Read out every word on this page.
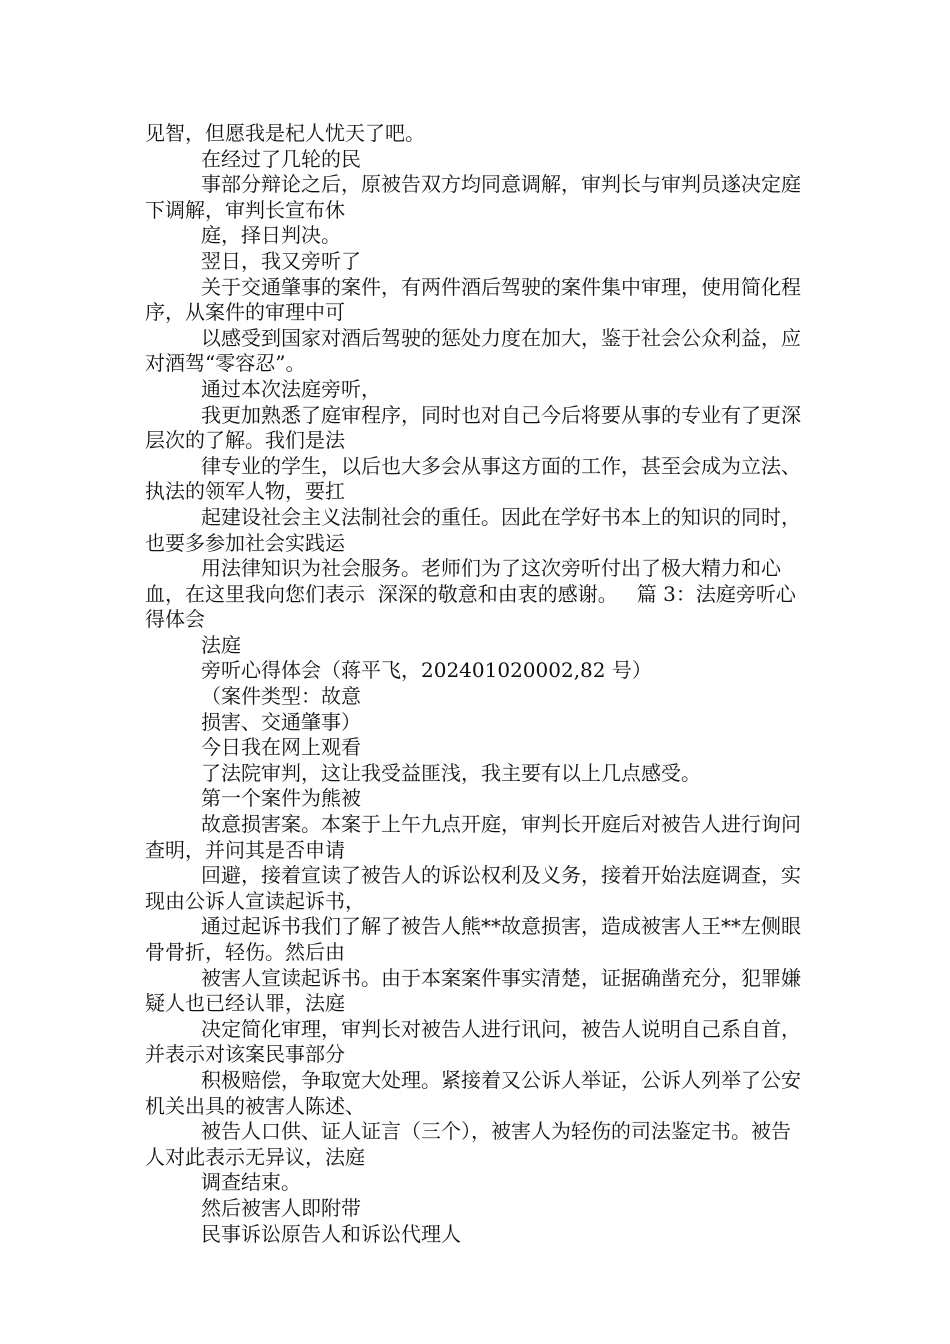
见智，但愿我是杞人忧天了吧。

在经过了几轮的民

事部分辩论之后，原被告双方均同意调解，审判长与审判员遂决定庭下调解，审判长宣布休

庭，择日判决。

翌日，我又旁听了

关于交通肇事的案件，有两件酒后驾驶的案件集中审理，使用简化程序，从案件的审理中可

以感受到国家对酒后驾驶的惩处力度在加大，鉴于社会公众利益，应对酒驾“零容忍”。

通过本次法庭旁听，

我更加熟悉了庭审程序，同时也对自己今后将要从事的专业有了更深层次的了解。我们是法

律专业的学生，以后也大多会从事这方面的工作，甚至会成为立法、执法的领军人物，要扛

起建设社会主义法制社会的重任。因此在学好书本上的知识的同时，也要多参加社会实践运

用法律知识为社会服务。老师们为了这次旁听付出了极大精力和心血，在这里我向您们表示  深深的敬意和由衷的感谢。   篇 3：法庭旁听心得体会

法庭

旁听心得体会（蒋平飞，202401020002,82 号）

（案件类型：故意

损害、交通肇事）

今日我在网上观看

了法院审判，这让我受益匪浅，我主要有以上几点感受。

第一个案件为熊被

故意损害案。本案于上午九点开庭，审判长开庭后对被告人进行询问查明，并问其是否申请

回避，接着宣读了被告人的诉讼权利及义务，接着开始法庭调查，实现由公诉人宣读起诉书，

通过起诉书我们了解了被告人熊**故意损害，造成被害人王**左侧眼骨骨折，轻伤。然后由

被害人宣读起诉书。由于本案案件事实清楚，证据确凿充分，犯罪嫌疑人也已经认罪，法庭

决定简化审理，审判长对被告人进行讯问，被告人说明自己系自首，并表示对该案民事部分

积极赔偿，争取宽大处理。紧接着又公诉人举证，公诉人列举了公安机关出具的被害人陈述、

被告人口供、证人证言（三个），被害人为轻伤的司法鉴定书。被告人对此表示无异议，法庭

调查结束。

然后被害人即附带

民事诉讼原告人和诉讼代理人
